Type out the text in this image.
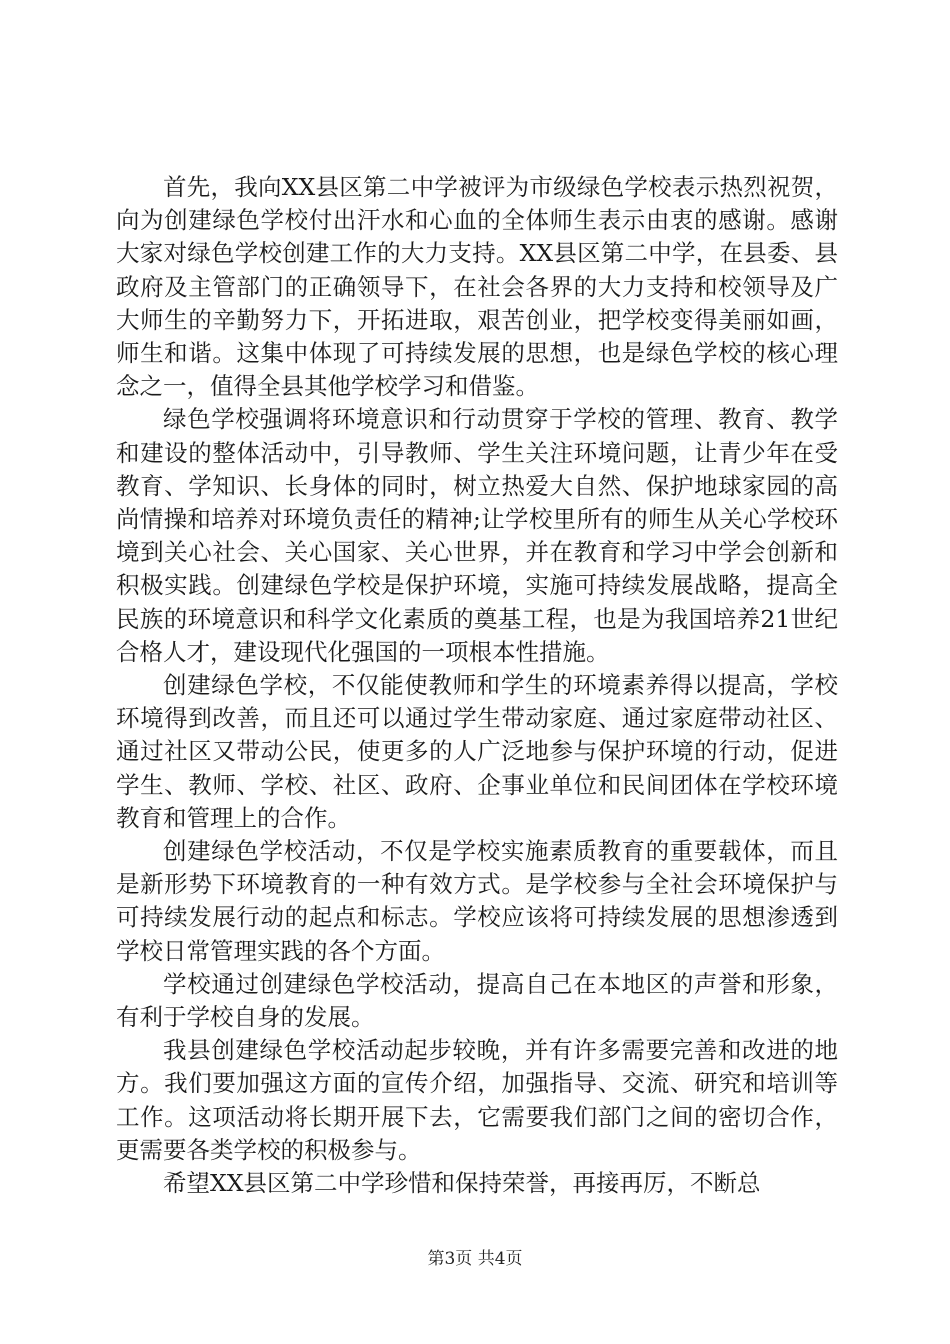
首先，我向XX县区第二中学被评为市级绿色学校表示热烈祝贺，向为创建绿色学校付出汗水和心血的全体师生表示由衷的感谢。感谢大家对绿色学校创建工作的大力支持。XX县区第二中学，在县委、县政府及主管部门的正确领导下，在社会各界的大力支持和校领导及广大师生的辛勤努力下，开拓进取，艰苦创业，把学校变得美丽如画，师生和谐。这集中体现了可持续发展的思想，也是绿色学校的核心理念之一，值得全县其他学校学习和借鉴。

绿色学校强调将环境意识和行动贯穿于学校的管理、教育、教学和建设的整体活动中，引导教师、学生关注环境问题，让青少年在受教育、学知识、长身体的同时，树立热爱大自然、保护地球家园的高尚情操和培养对环境负责任的精神;让学校里所有的师生从关心学校环境到关心社会、关心国家、关心世界，并在教育和学习中学会创新和积极实践。创建绿色学校是保护环境，实施可持续发展战略，提高全民族的环境意识和科学文化素质的奠基工程，也是为我国培养21世纪合格人才，建设现代化强国的一项根本性措施。

创建绿色学校，不仅能使教师和学生的环境素养得以提高，学校环境得到改善，而且还可以通过学生带动家庭、通过家庭带动社区、通过社区又带动公民，使更多的人广泛地参与保护环境的行动，促进学生、教师、学校、社区、政府、企事业单位和民间团体在学校环境教育和管理上的合作。

创建绿色学校活动，不仅是学校实施素质教育的重要载体，而且是新形势下环境教育的一种有效方式。是学校参与全社会环境保护与可持续发展行动的起点和标志。学校应该将可持续发展的思想渗透到学校日常管理实践的各个方面。

学校通过创建绿色学校活动，提高自己在本地区的声誉和形象，有利于学校自身的发展。

我县创建绿色学校活动起步较晚，并有许多需要完善和改进的地方。我们要加强这方面的宣传介绍，加强指导、交流、研究和培训等工作。这项活动将长期开展下去，它需要我们部门之间的密切合作，更需要各类学校的积极参与。

希望XX县区第二中学珍惜和保持荣誉，再接再厉，不断总

第3页 共4页
